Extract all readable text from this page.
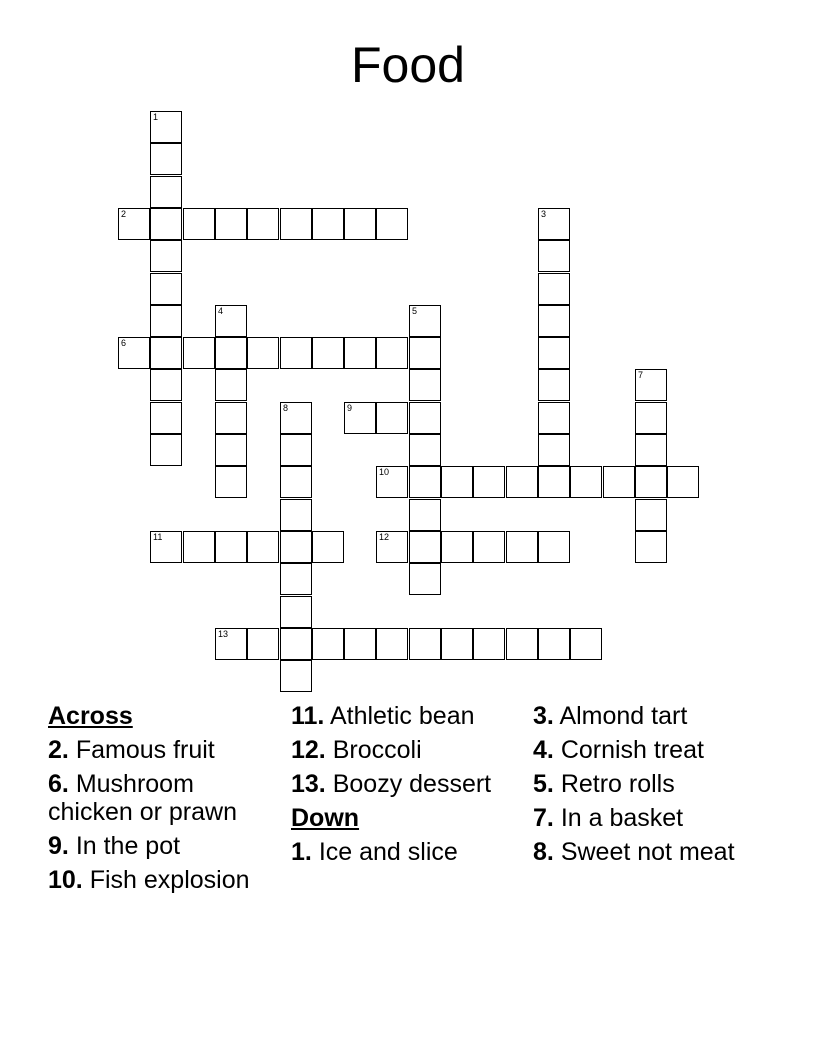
Food
1
2	3
4	5
6
7
8	9
10
11	12
13
Across
2. Famous fruit
6. Mushroom chicken or prawn
9. In the pot
10. Fish explosion
11. Athletic bean
12. Broccoli
13. Boozy dessert
Down
1. Ice and slice
3. Almond tart
4. Cornish treat
5. Retro rolls
7. In a basket
8. Sweet not meat
